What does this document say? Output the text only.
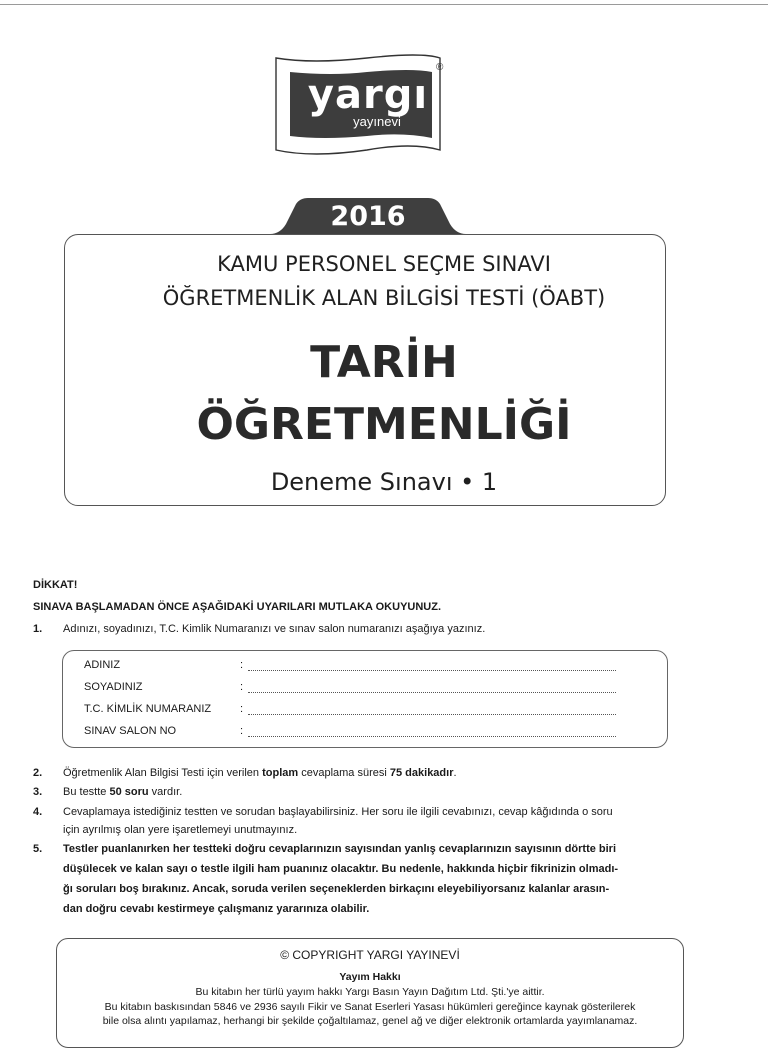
yargı
yayınevi
®
2016
KAMU PERSONEL SEÇME SINAVI
ÖĞRETMENLİK ALAN BİLGİSİ TESTİ (ÖABT)
TARİH
ÖĞRETMENLİĞİ
Deneme Sınavı • 1
DİKKAT!
SINAVA BAŞLAMADAN ÖNCE AŞAĞIDAKİ UYARILARI MUTLAKA OKUYUNUZ.
1. Adınızı, soyadınızı, T.C. Kimlik Numaranızı ve sınav salon numaranızı aşağıya yazınız.
ADINIZ	:
SOYADINIZ	:
T.C. KİMLİK NUMARANIZ	:
SINAV SALON NO	:
2. Öğretmenlik Alan Bilgisi Testi için verilen toplam cevaplama süresi 75 dakikadır.
3. Bu testte 50 soru vardır.
4. Cevaplamaya istediğiniz testten ve sorudan başlayabilirsiniz. Her soru ile ilgili cevabınızı, cevap kâğıdında o soru
için ayrılmış olan yere işaretlemeyi unutmayınız.
5. Testler puanlanırken her testteki doğru cevaplarınızın sayısından yanlış cevaplarınızın sayısının dörtte biri
düşülecek ve kalan sayı o testle ilgili ham puanınız olacaktır. Bu nedenle, hakkında hiçbir fikrinizin olmadı-
ğı soruları boş bırakınız. Ancak, soruda verilen seçeneklerden birkaçını eleyebiliyorsanız kalanlar arasın-
dan doğru cevabı kestirmeye çalışmanız yararınıza olabilir.
© COPYRIGHT YARGI YAYINEVİ
Yayım Hakkı
Bu kitabın her türlü yayım hakkı Yargı Basın Yayın Dağıtım Ltd. Şti.'ye aittir.
Bu kitabın baskısından 5846 ve 2936 sayılı Fikir ve Sanat Eserleri Yasası hükümleri gereğince kaynak gösterilerek
bile olsa alıntı yapılamaz, herhangi bir şekilde çoğaltılamaz, genel ağ ve diğer elektronik ortamlarda yayımlanamaz.
